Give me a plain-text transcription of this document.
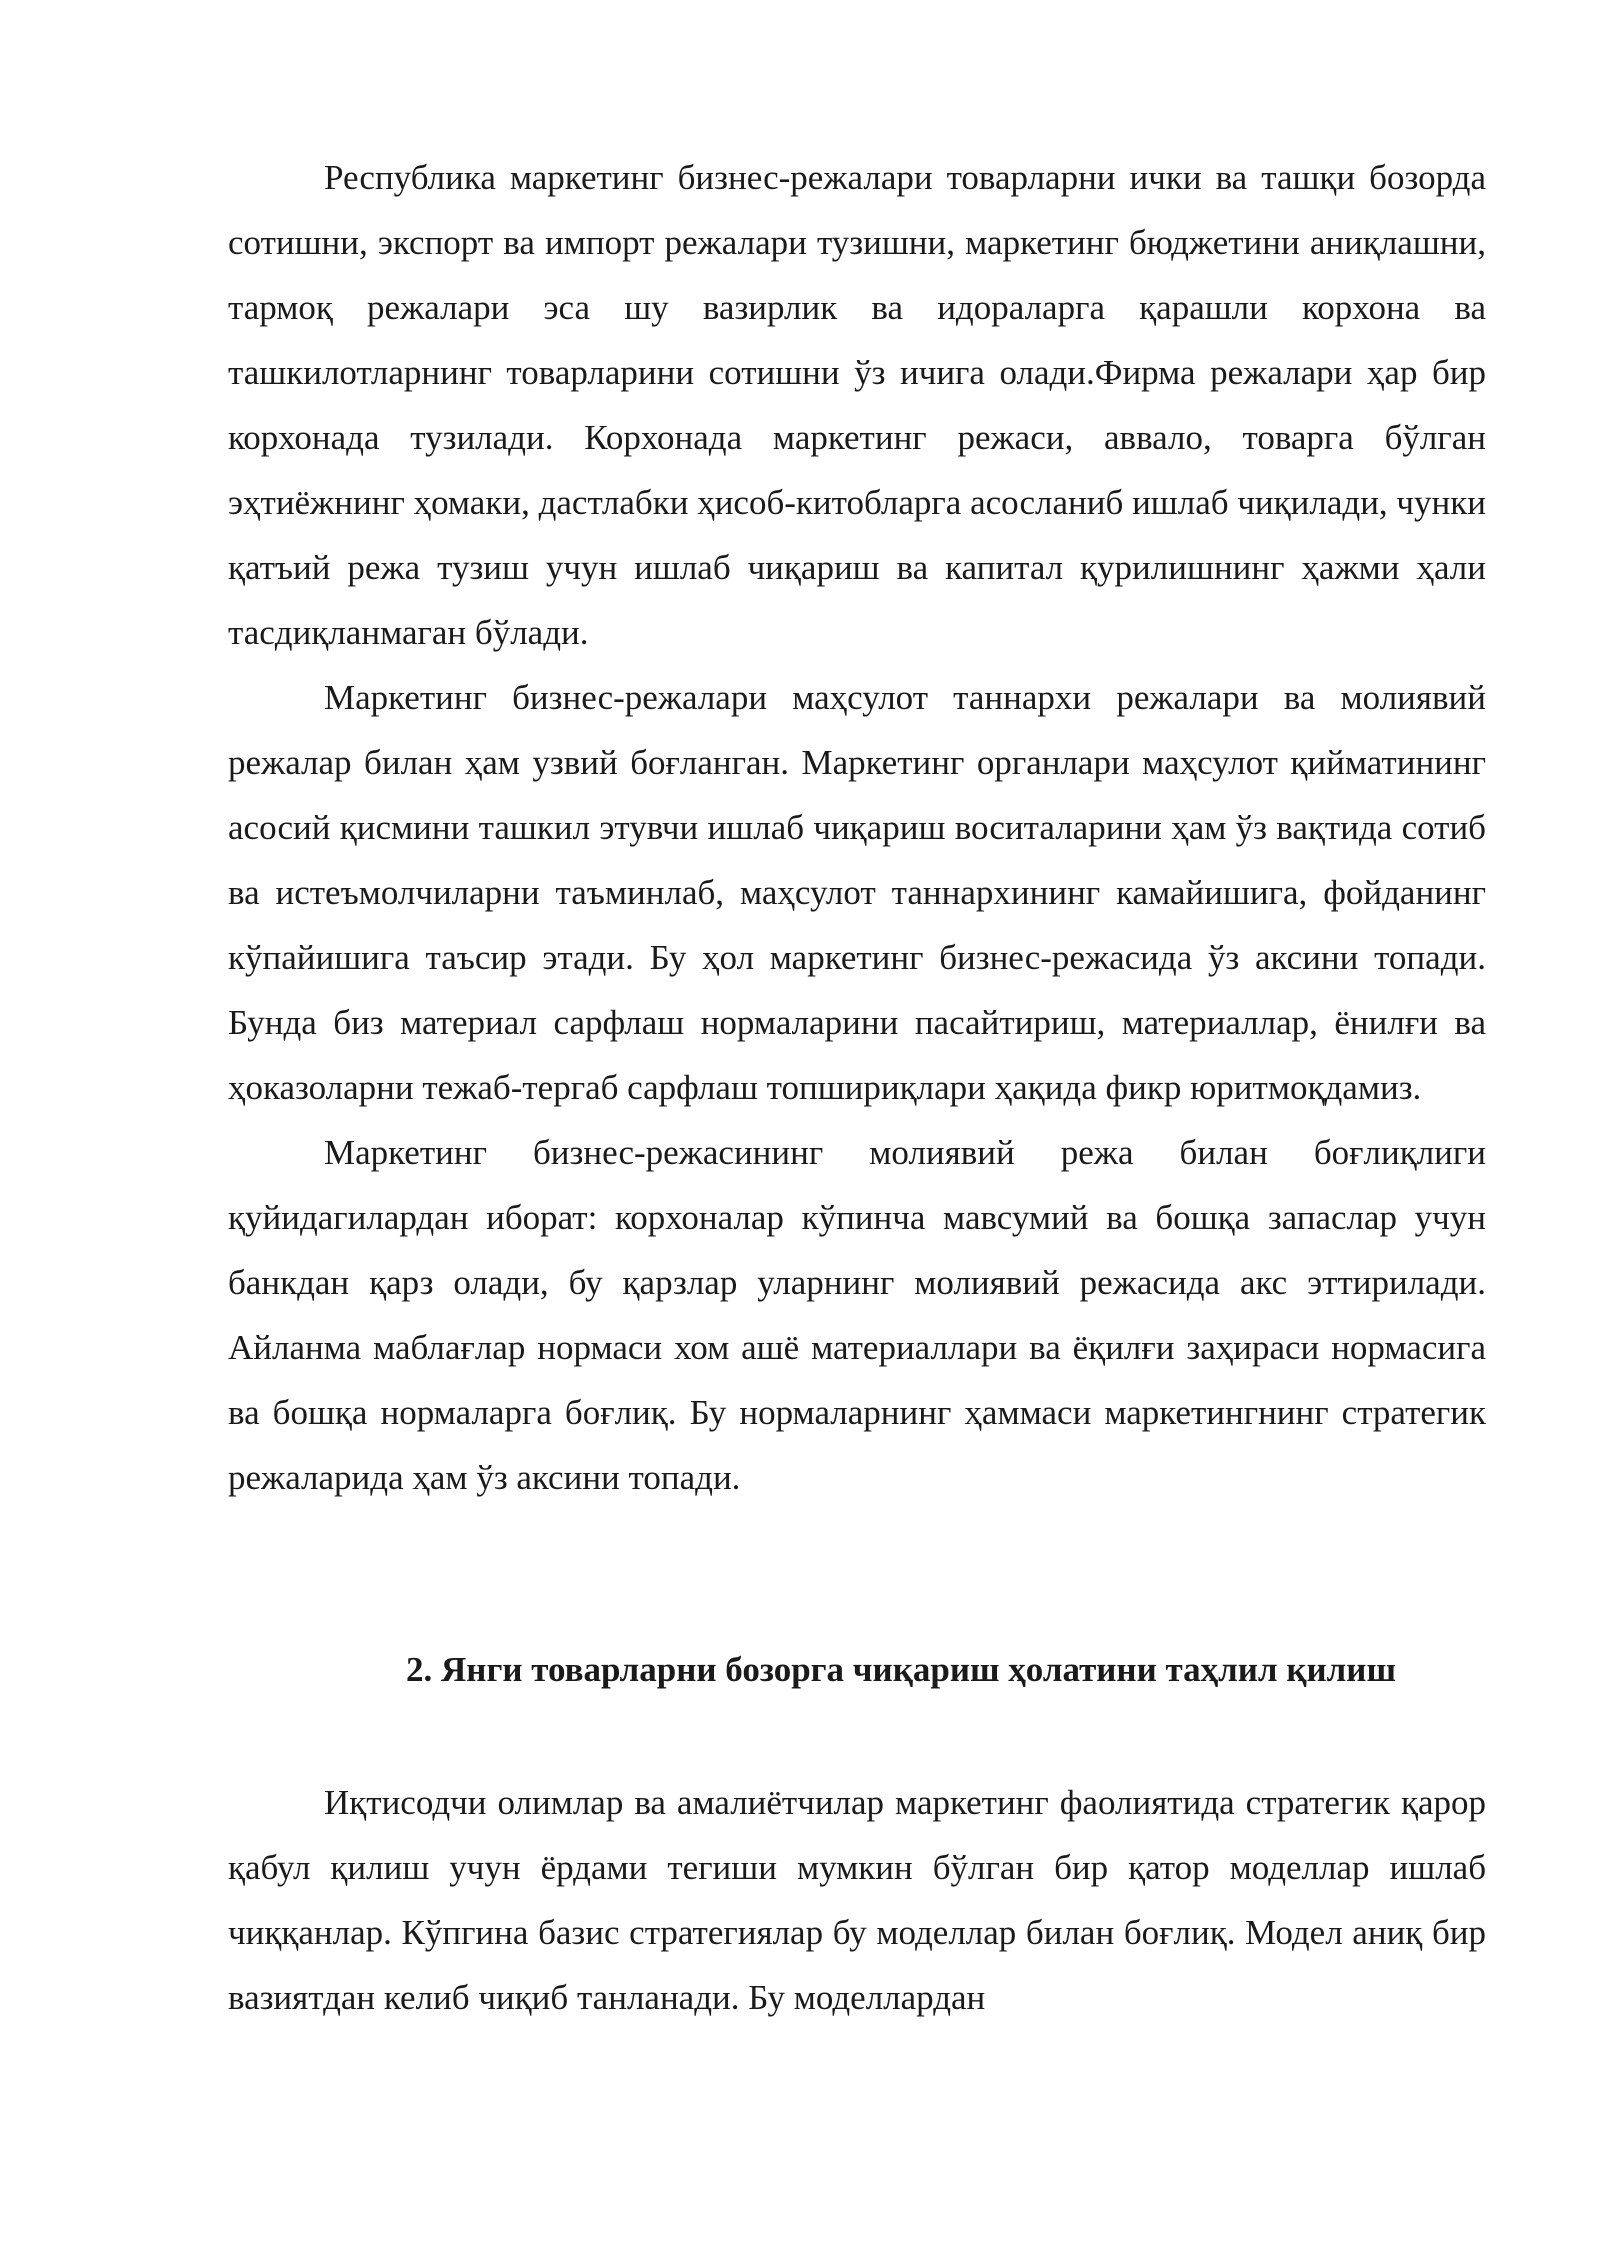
Республика маркетинг бизнес-режалари товарларни ички ва ташқи бозорда сотишни, экспорт ва импорт режалари тузишни, маркетинг бюджетини аниқлашни, тармоқ режалари эса шу вазирлик ва идораларга қарашли корхона ва ташкилотларнинг товарларини сотишни ўз ичига олади.Фирма режалари ҳар бир корхонада тузилади. Корхонада маркетинг режаси, аввало, товарга бўлган эҳтиёжнинг ҳомаки, дастлабки ҳисоб-китобларга асосланиб ишлаб чиқилади, чунки қатъий режа тузиш учун ишлаб чиқариш ва капитал қурилишнинг ҳажми ҳали тасдиқланмаган бўлади.

Маркетинг бизнес-режалари маҳсулот таннархи режалари ва молиявий режалар билан ҳам узвий боғланган. Маркетинг органлари маҳсулот қийматининг асосий қисмини ташкил этувчи ишлаб чиқариш воситаларини ҳам ўз вақтида сотиб ва истеъмолчиларни таъминлаб, маҳсулот таннархининг камайишига, фойданинг кўпайишига таъсир этади. Бу ҳол маркетинг бизнес-режасида ўз аксини топади. Бунда биз материал сарфлаш нормаларини пасайтириш, материаллар, ёнилғи ва ҳоказоларни тежаб-тергаб сарфлаш топшириқлари ҳақида фикр юритмоқдамиз.

Маркетинг бизнес-режасининг молиявий режа билан боғлиқлиги қуйидагилардан иборат: корхоналар кўпинча мавсумий ва бошқа запаслар учун банкдан қарз олади, бу қарзлар уларнинг молиявий режасида акс эттирилади. Айланма маблағлар нормаси хом ашё материаллари ва ёқилғи заҳираси нормасига ва бошқа нормаларга боғлиқ. Бу нормаларнинг ҳаммаси маркетингнинг стратегик режаларида ҳам ўз аксини топади.

2. Янги товарларни бозорга чиқариш ҳолатини таҳлил қилиш

Иқтисодчи олимлар ва амалиётчилар маркетинг фаолиятида стратегик қарор қабул қилиш учун ёрдами тегиши мумкин бўлган бир қатор моделлар ишлаб чиққанлар. Кўпгина базис стратегиялар бу моделлар билан боғлиқ. Модел аниқ бир вазиятдан келиб чиқиб танланади. Бу моделлардан
